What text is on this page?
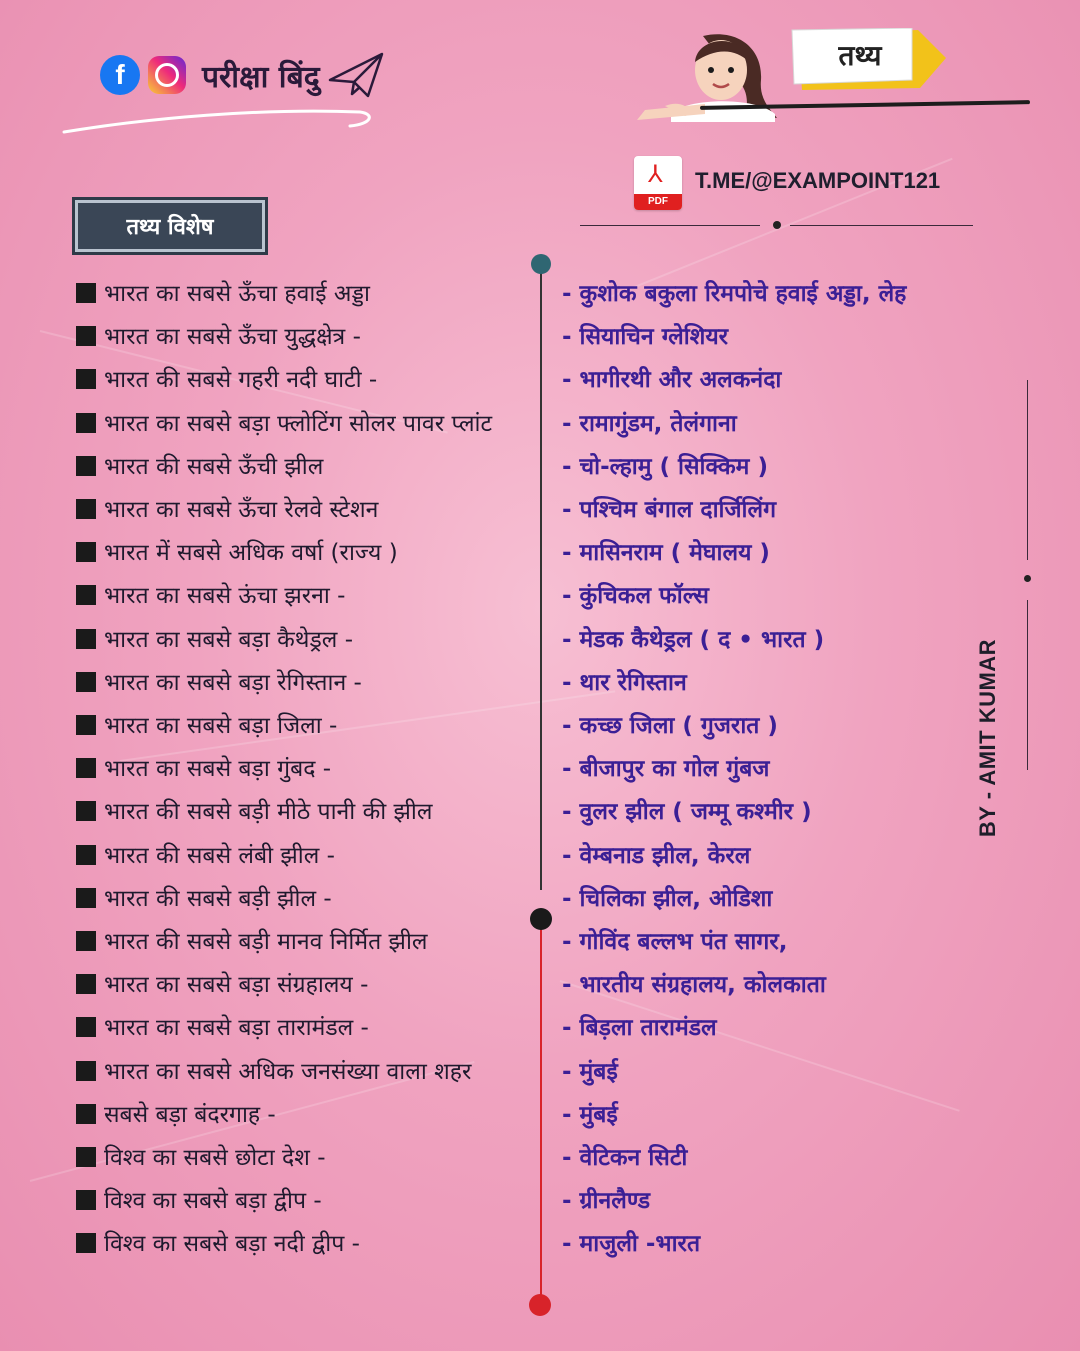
f	परीक्षा बिंदु
तथ्य
⅄
PDF
T.ME/@EXAMPOINT121
तथ्य विशेष
भारत का सबसे ऊँचा हवाई अड्डा	- कुशोक बकुला रिमपोचे हवाई अड्डा, लेह
भारत का सबसे ऊँचा युद्धक्षेत्र -	- सियाचिन ग्लेशियर
भारत की सबसे गहरी नदी घाटी -	- भागीरथी और अलकनंदा
भारत का सबसे बड़ा फ्लोटिंग सोलर पावर प्लांट	- रामागुंडम, तेलंगाना
भारत की सबसे ऊँची झील	- चो-ल्हामु ( सिक्किम )
भारत का सबसे ऊँचा रेलवे स्टेशन	- पश्चिम बंगाल दार्जिलिंग
भारत में सबसे अधिक वर्षा (राज्य )	- मासिनराम ( मेघालय )
भारत का सबसे ऊंचा झरना -	- कुंचिकल फॉल्स
भारत का सबसे बड़ा कैथेड्रल -	- मेडक कैथेड्रल ( द • भारत )
भारत का सबसे बड़ा रेगिस्तान -	- थार रेगिस्तान
भारत का सबसे बड़ा जिला -	- कच्छ जिला ( गुजरात )
भारत का सबसे बड़ा गुंबद -	- बीजापुर का गोल गुंबज
भारत की सबसे बड़ी मीठे पानी की झील	- वुलर झील ( जम्मू कश्मीर )
भारत की सबसे लंबी झील -	- वेम्बनाड झील, केरल
भारत की सबसे बड़ी झील -	- चिलिका झील, ओडिशा
भारत की सबसे बड़ी मानव निर्मित झील	- गोविंद बल्लभ पंत सागर,
भारत का सबसे बड़ा संग्रहालय -	- भारतीय संग्रहालय, कोलकाता
भारत का सबसे बड़ा तारामंडल -	- बिड़ला तारामंडल
भारत का सबसे अधिक जनसंख्या वाला शहर	- मुंबई
सबसे बड़ा बंदरगाह -	- मुंबई
विश्व का सबसे छोटा देश -	- वेटिकन सिटी
विश्व का सबसे बड़ा द्वीप -	- ग्रीनलैण्ड
विश्व का सबसे बड़ा नदी द्वीप -	- माजुली -भारत
BY - AMIT KUMAR
